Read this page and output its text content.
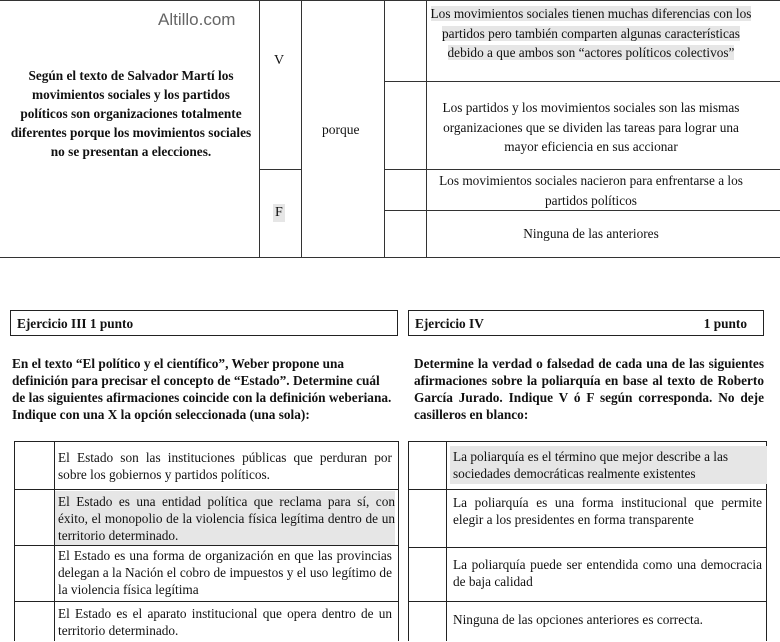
Altillo.com
Según el texto de Salvador Martí los movimientos sociales y los partidos políticos son organizaciones totalmente diferentes porque los movimientos sociales no se presentan a elecciones.
V
F
porque
Los movimientos sociales tienen muchas diferencias con los partidos pero también comparten algunas características debido a que ambos son “actores políticos colectivos”
Los partidos y los movimientos sociales son las mismas organizaciones que se dividen las tareas para lograr una mayor eficiencia en sus accionar
Los movimientos sociales nacieron para enfrentarse a los partidos políticos
Ninguna de las anteriores
Ejercicio III 1 punto
En el texto “El político y el científico”, Weber propone una definición para precisar el concepto de “Estado”. Determine cuál de las siguientes afirmaciones coincide con la definición weberiana. Indique con una X la opción seleccionada (una sola):
El Estado son las instituciones públicas que perduran por sobre los gobiernos y partidos políticos.
El Estado es una entidad política que reclama para sí, con éxito, el monopolio de la violencia física legítima dentro de un territorio determinado.
El Estado es una forma de organización en que las provincias delegan a la Nación el cobro de impuestos y el uso legítimo de la violencia física legítima
El Estado es el aparato institucional que opera dentro de un territorio determinado.
Ejercicio IV	1 punto
Determine la verdad o falsedad de cada una de las siguientes afirmaciones sobre la poliarquía en base al texto de Roberto García Jurado. Indique V ó F según corresponda. No deje casilleros en blanco:
La poliarquía es el término que mejor describe a las sociedades democráticas realmente existentes
La poliarquía es una forma institucional que permite elegir a los presidentes en forma transparente
La poliarquía puede ser entendida como una democracia de baja calidad
Ninguna de las opciones anteriores es correcta.
